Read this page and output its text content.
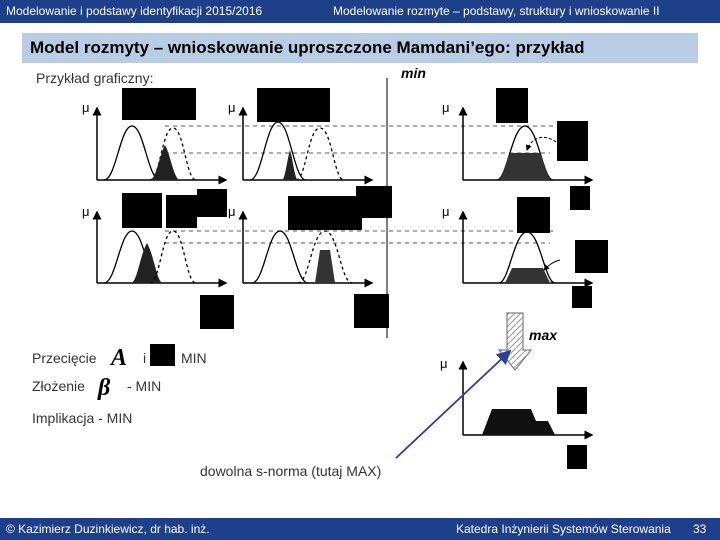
Modelowanie i podstawy identyfikacji 2015/2016	Modelowanie rozmyte – podstawy, struktury i wnioskowanie II
Model rozmyty – wnioskowanie uproszczone Mamdani’ego: przykład
Przykład graficzny:	min
μ	μ	μ
μ	μ	μ
max
μ
A
β
Przecięcie	i MIN
Złożenie	- MIN
Implikacja - MIN
dowolna s-norma (tutaj MAX)
© Kazimierz Duzinkiewicz, dr hab. inż.	Katedra Inżynierii Systemów Sterowania 33
